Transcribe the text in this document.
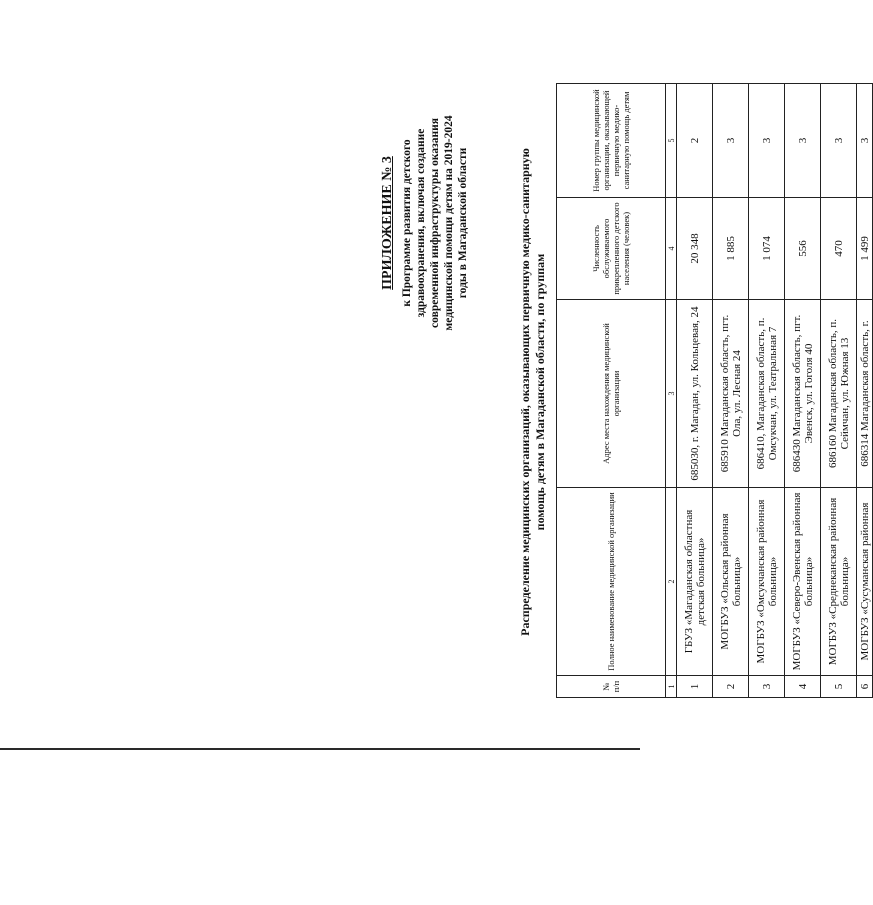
ПРИЛОЖЕНИЕ № 3 к Программе развития детского здравоохранения, включая создание современной инфраструктуры оказания медицинской помощи детям на 2019-2024 годы в Магаданской области	Распределение медицинских организаций, оказывающих первичную медико-санитарную помощь детям в Магаданской области, по группам
№ п/п	Полное наименование медицинской организации	Адрес места нахождения медицинской организации	Численность обслуживаемого прикрепленного детского населения (человек)	Номер группы медицинской организации, оказывающей первичную медико-санитарную помощь детям
1	2	3	4	5
1	ГБУЗ «Магаданская областная детская больница»	685030, г. Магадан, ул. Кольцевая, 24	20 348	2
2	МОГБУЗ «Ольская районная больница»	685910 Магаданская область, пгт. Ола, ул. Лесная 24	1 885	3
3	МОГБУЗ «Омсукчанская районная больница»	686410, Магаданская область, п. Омсукчан, ул. Театральная 7	1 074	3
4	МОГБУЗ «Северо-Эвенская районная больница»	686430 Магаданская область, пгт. Эвенск, ул. Гоголя 40	556	3
5	МОГБУЗ «Среднеканская районная больница»	686160 Магаданская область, п. Сеймчан, ул. Южная 13	470	3
6	МОГБУЗ «Сусуманская районная	686314 Магаданская область, г.	1 499	3
